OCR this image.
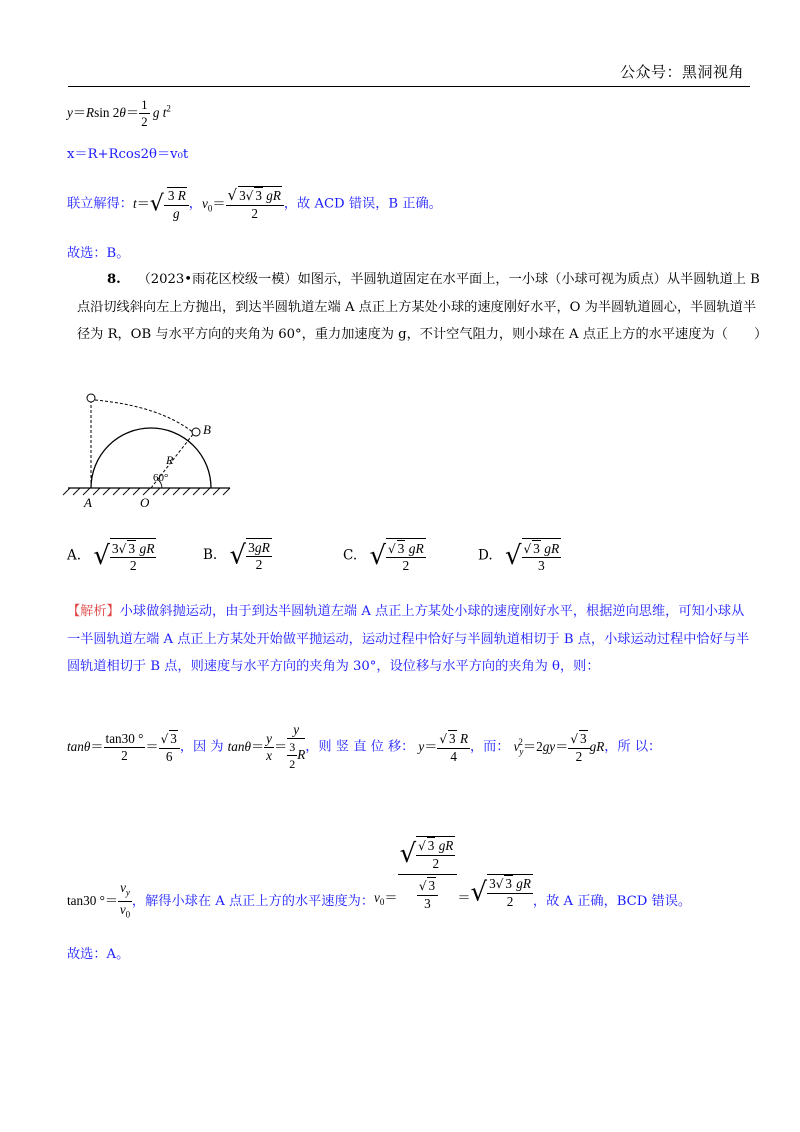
公众号：黑洞视角
y＝Rsin $2\theta= \frac{1}{2}$ g $t^2$
x＝R+Rcos2θ＝v₀t
联立解得：$t=√ \frac{3 R}{g}$ ，$v_0= \frac{√ 3√ 3 gR}{2}$ ，故 ACD 错误，B 正确。
故选：B。
8. （2023•雨花区校级一模）如图示，半圆轨道固定在水平面上，一小球（小球可视为质点）从半圆轨道上 B 点沿切线斜向左上方抛出，到达半圆轨道左端 A 点正上方某处小球的速度刚好水平，O 为半圆轨道圆心，半圆轨道半径为 R，OB 与水平方向的夹角为 60°，重力加速度为 g，不计空气阻力，则小球在 A 点正上方的水平速度为（　　）
B
R
60°
A	O
A. √ $\frac{3√ 3 gR}{2}$	B. √ $\frac{3gR}{2}$	C. √ $\frac{√ 3 gR}{2}$	D. √ $\frac{√ 3 gR}{3}$
【解析】小球做斜抛运动，由于到达半圆轨道左端 A 点正上方某处小球的速度刚好水平，根据逆向思维，可知小球从一半圆轨道左端 A 点正上方某处开始做平抛运动，运动过程中恰好与半圆轨道相切于 B 点，小球运动过程中恰好与半圆轨道相切于 B 点，则速度与水平方向的夹角为 30°，设位移与水平方向的夹角为 θ，则：
$\tan\theta= \frac{\tan 30 ^\circ}{2} = \frac{√ 3}{6}$ ，因 为 $\tan\theta= \frac{y}{x} = \frac{y}{\frac{3}{2} R}$ ，则 竖 直 位 移： $y= \frac{√ 3 R}{4}$ ，而： $v_y^2=2gy= \frac{√ 3}{2}$ gR，所 以：
tan30 °＝ $\frac{v_y}{v_0}$ ，解得小球在 A 点正上方的水平速度为：$v_0= \frac{√ \frac{√ 3 gR}{2}}{\frac{√ 3}{3}}$ ＝√ $\frac{3√ 3 gR}{2}$ ，故 A 正确，BCD 错误。
故选：A。
